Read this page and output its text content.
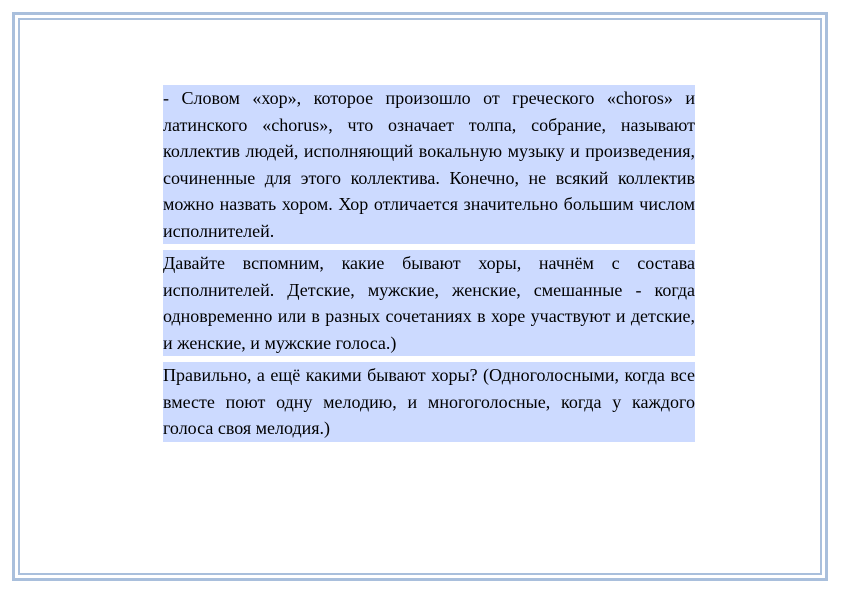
- Словом «хор», которое произошло от греческого «choros» и латинского «chorus», что означает толпа, собрание, называют коллектив людей, исполняющий вокальную музыку и произведения, сочиненные для этого коллектива. Конечно, не всякий коллектив можно назвать хором. Хор отличается значительно большим числом исполнителей.

Давайте вспомним, какие бывают хоры, начнём с состава исполнителей. Детские, мужские, женские, смешанные - когда одновременно или в разных сочетаниях в хоре участвуют и детские, и женские, и мужские голоса.)

Правильно, а ещё какими бывают хоры? (Одноголосными, когда все вместе поют одну мелодию, и многоголосные, когда у каждого голоса своя мелодия.)
